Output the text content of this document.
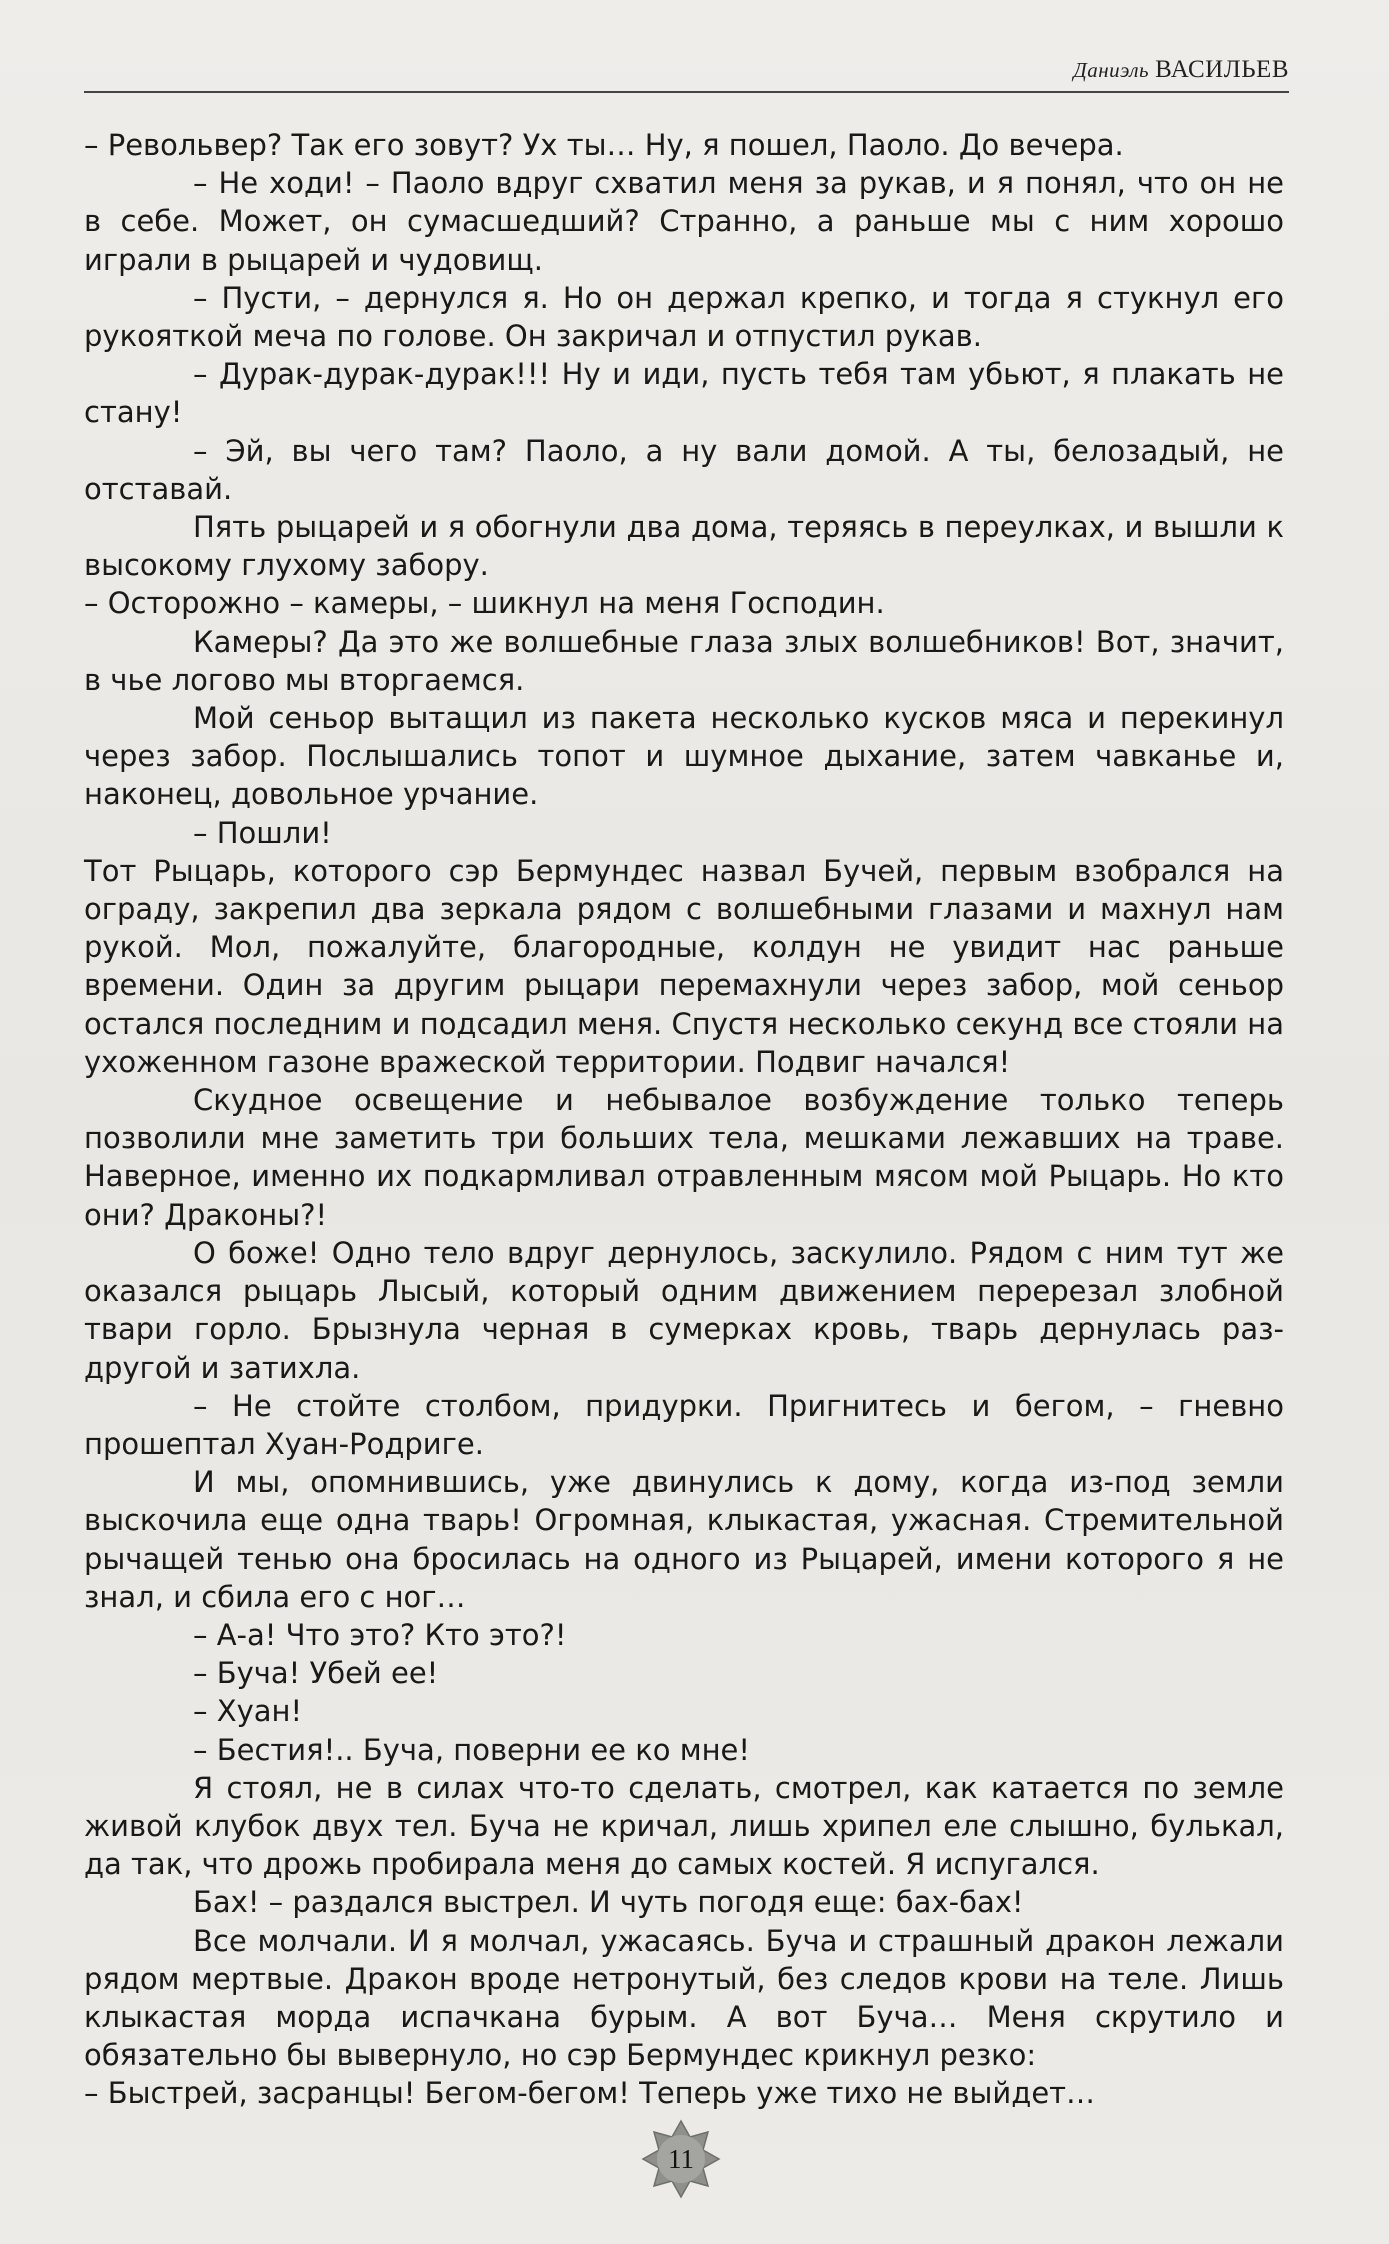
Даниэль ВАСИЛЬЕВ

– Револьвер? Так его зовут? Ух ты… Ну, я пошел, Паоло. До вечера.

– Не ходи! – Паоло вдруг схватил меня за рукав, и я понял, что он не в себе. Может, он сумасшедший? Странно, а раньше мы с ним хорошо играли в рыцарей и чудовищ.

– Пусти, – дернулся я. Но он держал крепко, и тогда я стукнул его рукояткой меча по голове. Он закричал и отпустил рукав.

– Дурак-дурак-дурак!!! Ну и иди, пусть тебя там убьют, я плакать не стану!

– Эй, вы чего там? Паоло, а ну вали домой. А ты, белозадый, не отставай.

Пять рыцарей и я обогнули два дома, теряясь в переулках, и вышли к высокому глухому забору.

– Осторожно – камеры, – шикнул на меня Господин.

Камеры? Да это же волшебные глаза злых волшебников! Вот, значит, в чье логово мы вторгаемся.

Мой сеньор вытащил из пакета несколько кусков мяса и перекинул через забор. Послышались топот и шумное дыхание, затем чавканье и, наконец, довольное урчание.

– Пошли!

Тот Рыцарь, которого сэр Бермундес назвал Бучей, первым взобрался на ограду, закрепил два зеркала рядом с волшебными глазами и махнул нам рукой. Мол, пожалуйте, благородные, колдун не увидит нас раньше времени. Один за другим рыцари перемахнули через забор, мой сеньор остался последним и подсадил меня. Спустя несколько секунд все стояли на ухоженном газоне вражеской территории. Подвиг начался!

Скудное освещение и небывалое возбуждение только теперь позволили мне заметить три больших тела, мешками лежавших на траве. Наверное, именно их подкармливал отравленным мясом мой Рыцарь. Но кто они? Драконы?!

О боже! Одно тело вдруг дернулось, заскулило. Рядом с ним тут же оказался рыцарь Лысый, который одним движением перерезал злобной твари горло. Брызнула черная в сумерках кровь, тварь дернулась раз-другой и затихла.

– Не стойте столбом, придурки. Пригнитесь и бегом, – гневно прошептал Хуан-Родриге.

И мы, опомнившись, уже двинулись к дому, когда из-под земли выскочила еще одна тварь! Огромная, клыкастая, ужасная. Стремительной рычащей тенью она бросилась на одного из Рыцарей, имени которого я не знал, и сбила его с ног…

– А-а! Что это? Кто это?!

– Буча! Убей ее!

– Хуан!

– Бестия!.. Буча, поверни ее ко мне!

Я стоял, не в силах что-то сделать, смотрел, как катается по земле живой клубок двух тел. Буча не кричал, лишь хрипел еле слышно, булькал, да так, что дрожь пробирала меня до самых костей. Я испугался.

Бах! – раздался выстрел. И чуть погодя еще: бах-бах!

Все молчали. И я молчал, ужасаясь. Буча и страшный дракон лежали рядом мертвые. Дракон вроде нетронутый, без следов крови на теле. Лишь клыкастая морда испачкана бурым. А вот Буча… Меня скрутило и обязательно бы вывернуло, но сэр Бермундес крикнул резко:

– Быстрей, засранцы! Бегом-бегом! Теперь уже тихо не выйдет…

11
